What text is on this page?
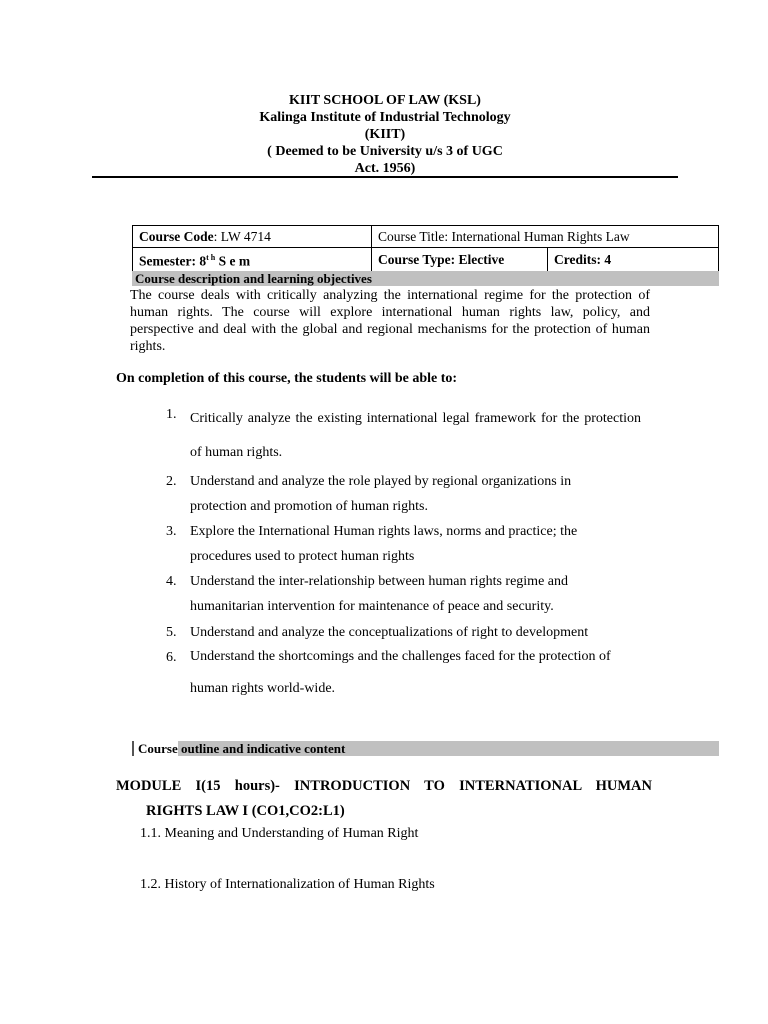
KIIT SCHOOL OF LAW (KSL)
Kalinga Institute of Industrial Technology
(KIIT)
( Deemed to be University u/s 3 of UGC
Act. 1956)
Course Code: LW 4714	Course Title: International Human Rights Law	
Semester: $8^{t h}$ S e m	Course Type: Elective	Credits: 4
Course description and learning objectives
The course deals with critically analyzing the international regime for the protection of human rights. The course will explore international human rights law, policy, and perspective and deal with the global and regional mechanisms for the protection of human rights.
On completion of this course, the students will be able to:
1. Critically analyze the existing international legal framework for the protection of human rights.
2. Understand and analyze the role played by regional organizations in protection and promotion of human rights.
3. Explore the International Human rights laws, norms and practice; the procedures used to protect human rights
4. Understand the inter-relationship between human rights regime and humanitarian intervention for maintenance of peace and security.
5. Understand and analyze the conceptualizations of right to development
6. Understand the shortcomings and the challenges faced for the protection of human rights world-wide.
Course outline and indicative content
MODULE I(15 hours)- INTRODUCTION TO INTERNATIONAL HUMAN
RIGHTS LAW I (CO1,CO2:L1)
1.1. Meaning and Understanding of Human Right
1.2. History of Internationalization of Human Rights
